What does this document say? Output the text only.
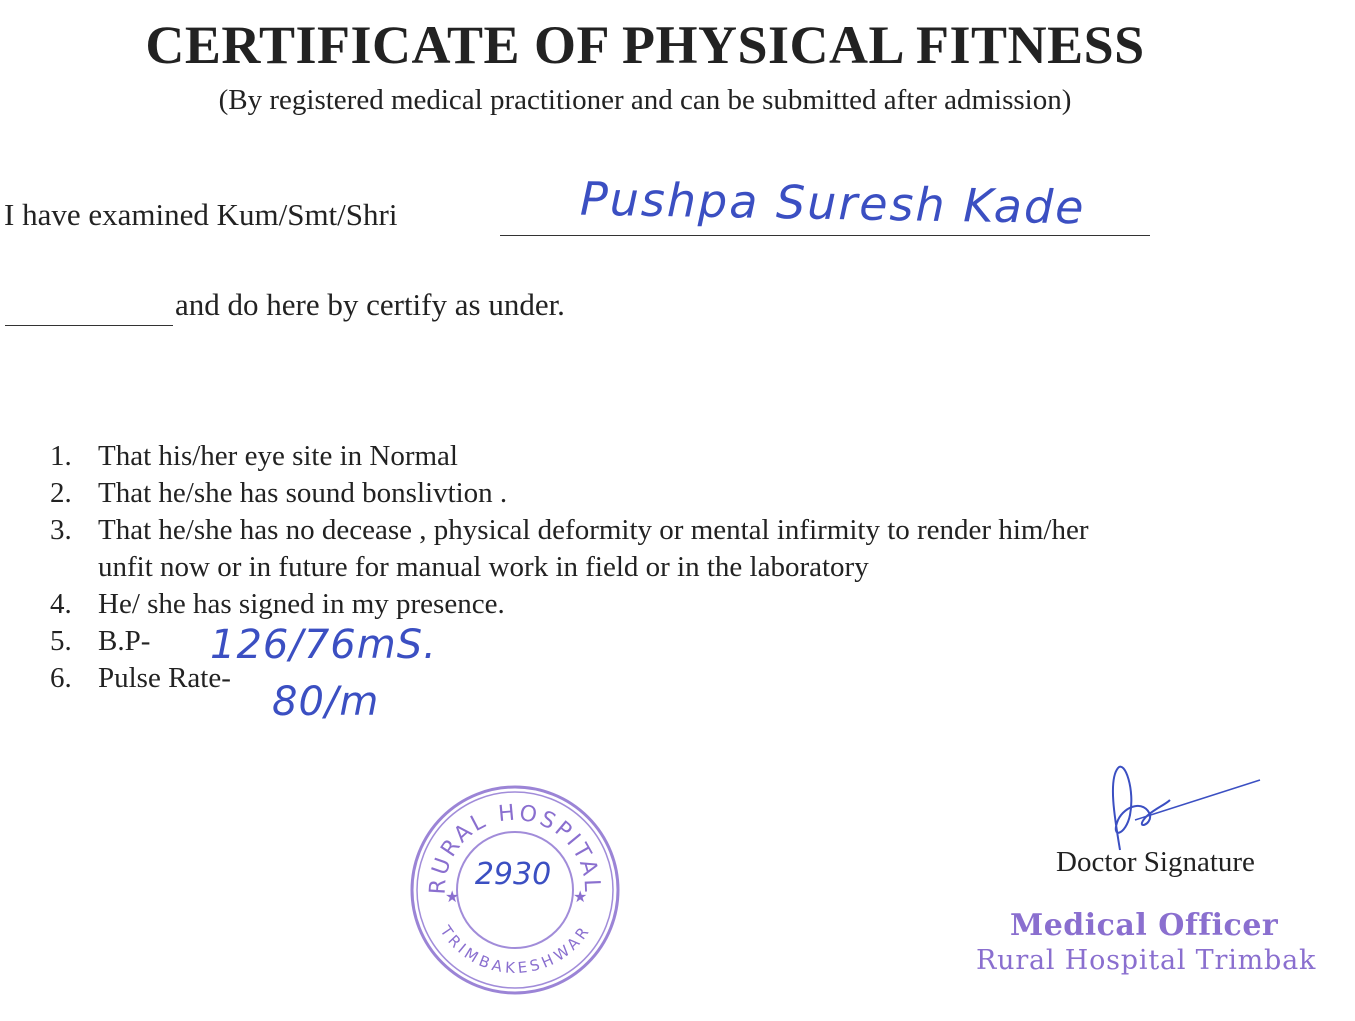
CERTIFICATE OF PHYSICAL FITNESS
(By registered medical practitioner and can be submitted after admission)
I have examined Kum/Smt/Shri	Pushpa Suresh Kade
and do here by certify as under.
1. That his/her eye site in Normal
2. That he/she has sound bonslivtion .
3. That he/she has no decease , physical deformity or mental infirmity to render him/her
unfit now or in future for manual work in field or in the laboratory
4. He/ she has signed in my presence.
5. B.P-
6. Pulse Rate-
126/76mS.
80/m
RURAL HOSPITAL
TRIMBAKESHWAR
★	★
2930	Doctor Signature
Medical Officer
Rural Hospital Trimbak
